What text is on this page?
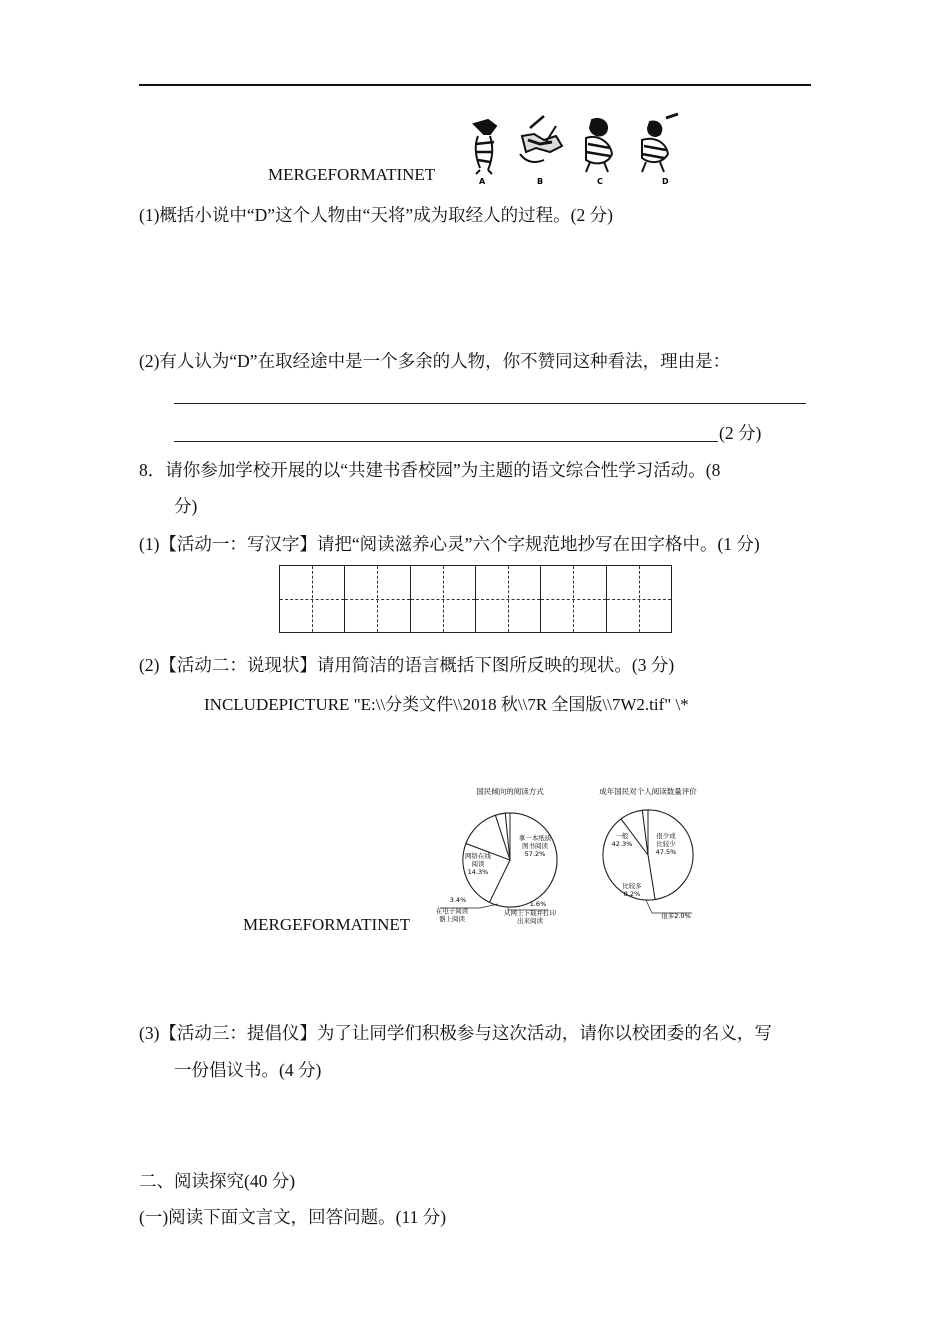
MERGEFORMATINET	A	B	C	D
(1)概括小说中“D”这个人物由“天将”成为取经人的过程。(2 分)
(2)有人认为“D”在取经途中是一个多余的人物，你不赞同这种看法，理由是：
(2 分)
8．请你参加学校开展的以“共建书香校园”为主题的语文综合性学习活动。(8
分)
(1)【活动一：写汉字】请把“阅读滋养心灵”六个字规范地抄写在田字格中。(1 分)
(2)【活动二：说现状】请用简洁的语言概括下图所反映的现状。(3 分)
INCLUDEPICTURE "E:\\分类文件\\2018 秋\\7R 全国版\\7W2.tif" \*
MERGEFORMATINET
国民倾向的阅读方式	成年国民对个人阅读数量评价
拿一本纸质
图书阅读
57.2%
网络在线
阅读
14.3%
在电子阅读
器上阅读
从网上下载并打印
出来阅读
3.4%	1.6%
很少或
比较少
47.5%
一般
42.3%
比较多
8.2%
很多2.0%
(3)【活动三：提倡仪】为了让同学们积极参与这次活动，请你以校团委的名义，写
一份倡议书。(4 分)
二、阅读探究(40 分)
(一)阅读下面文言文，回答问题。(11 分)
